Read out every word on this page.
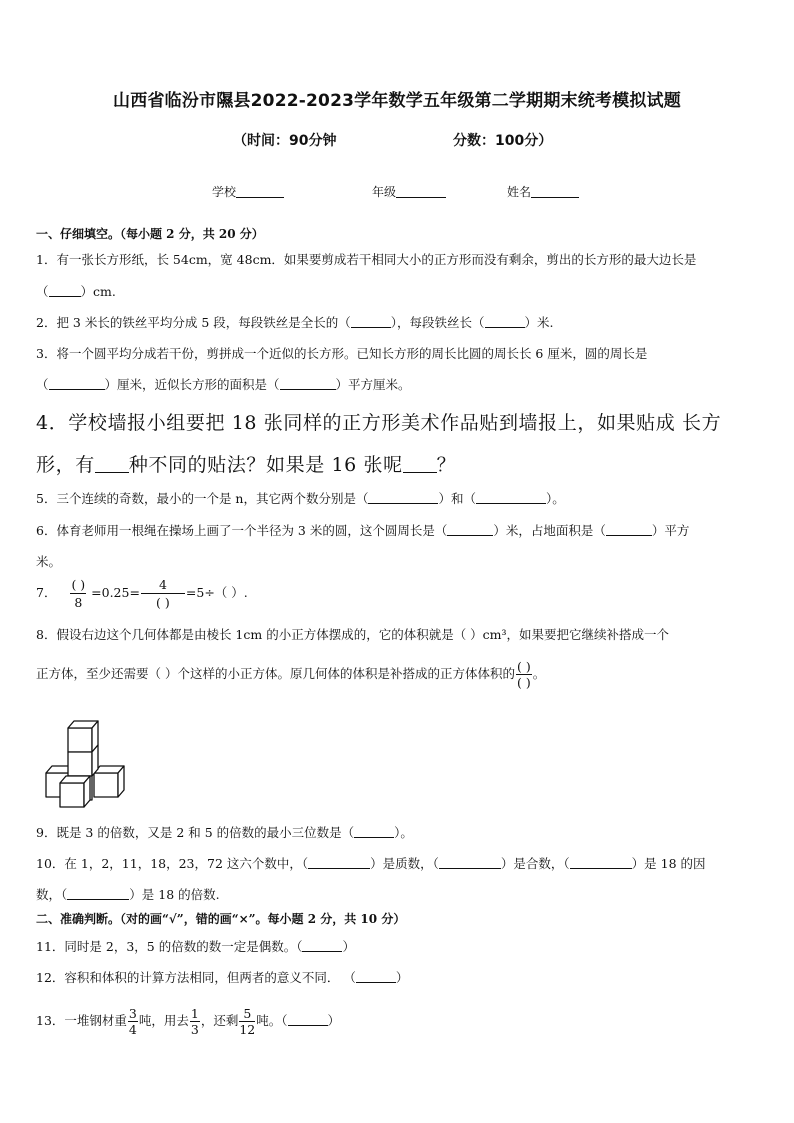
山西省临汾市隰县2022-2023学年数学五年级第二学期期末统考模拟试题
（时间：90分钟	分数：100分）
学校	年级	姓名
一、仔细填空。（每小题 2 分，共 20 分）
1．有一张长方形纸，长 54cm，宽 48cm．如果要剪成若干相同大小的正方形而没有剩余，剪出的长方形的最大边长是
（	）cm.
2．把 3 米长的铁丝平均分成 5 段，每段铁丝是全长的（	），每段铁丝长（	）米.
3．将一个圆平均分成若干份，剪拼成一个近似的长方形。已知长方形的周长比圆的周长长 6 厘米，圆的周长是
（	）厘米，近似长方形的面积是（	）平方厘米。
4．学校墙报小组要把 18 张同样的正方形美术作品贴到墙报上，如果贴成 长方
形，有 种不同的贴法？如果是 16 张呢 ？
5．三个连续的奇数，最小的一个是 n，其它两个数分别是（	）和（	）。
6．体育老师用一根绳在操场上画了一个半径为 3 米的圆，这个圆周长是（	）米，占地面积是（	）平方
米。
7． $\frac{( )}{8} =0.25= \frac{4}{( )} =5\div$（ ）.
8．假设右边这个几何体都是由棱长 1cm 的小正方体摆成的，它的体积就是（ ）cm³，如果要把它继续补搭成一个
正方体，至少还需要（ ）个这样的小正方体。原几何体的体积是补搭成的正方体体积的 $\frac{( )}{( )}$ 。
9．既是 3 的倍数，又是 2 和 5 的倍数的最小三位数是（	）。
10．在 1，2，11，18，23，72 这六个数中，（	）是质数，（	）是合数，（	）是 18 的因
数，（	）是 18 的倍数.
二、准确判断。（对的画“√”，错的画“×”。每小题 2 分，共 10 分）
11．同时是 2，3，5 的倍数的数一定是偶数。（	）
12．容积和体积的计算方法相同，但两者的意义不同． （	）
13．一堆钢材重 $\frac{3}{4}$ 吨，用去 $\frac{1}{3}$ ，还剩 $\frac{5}{12}$ 吨。（	）
